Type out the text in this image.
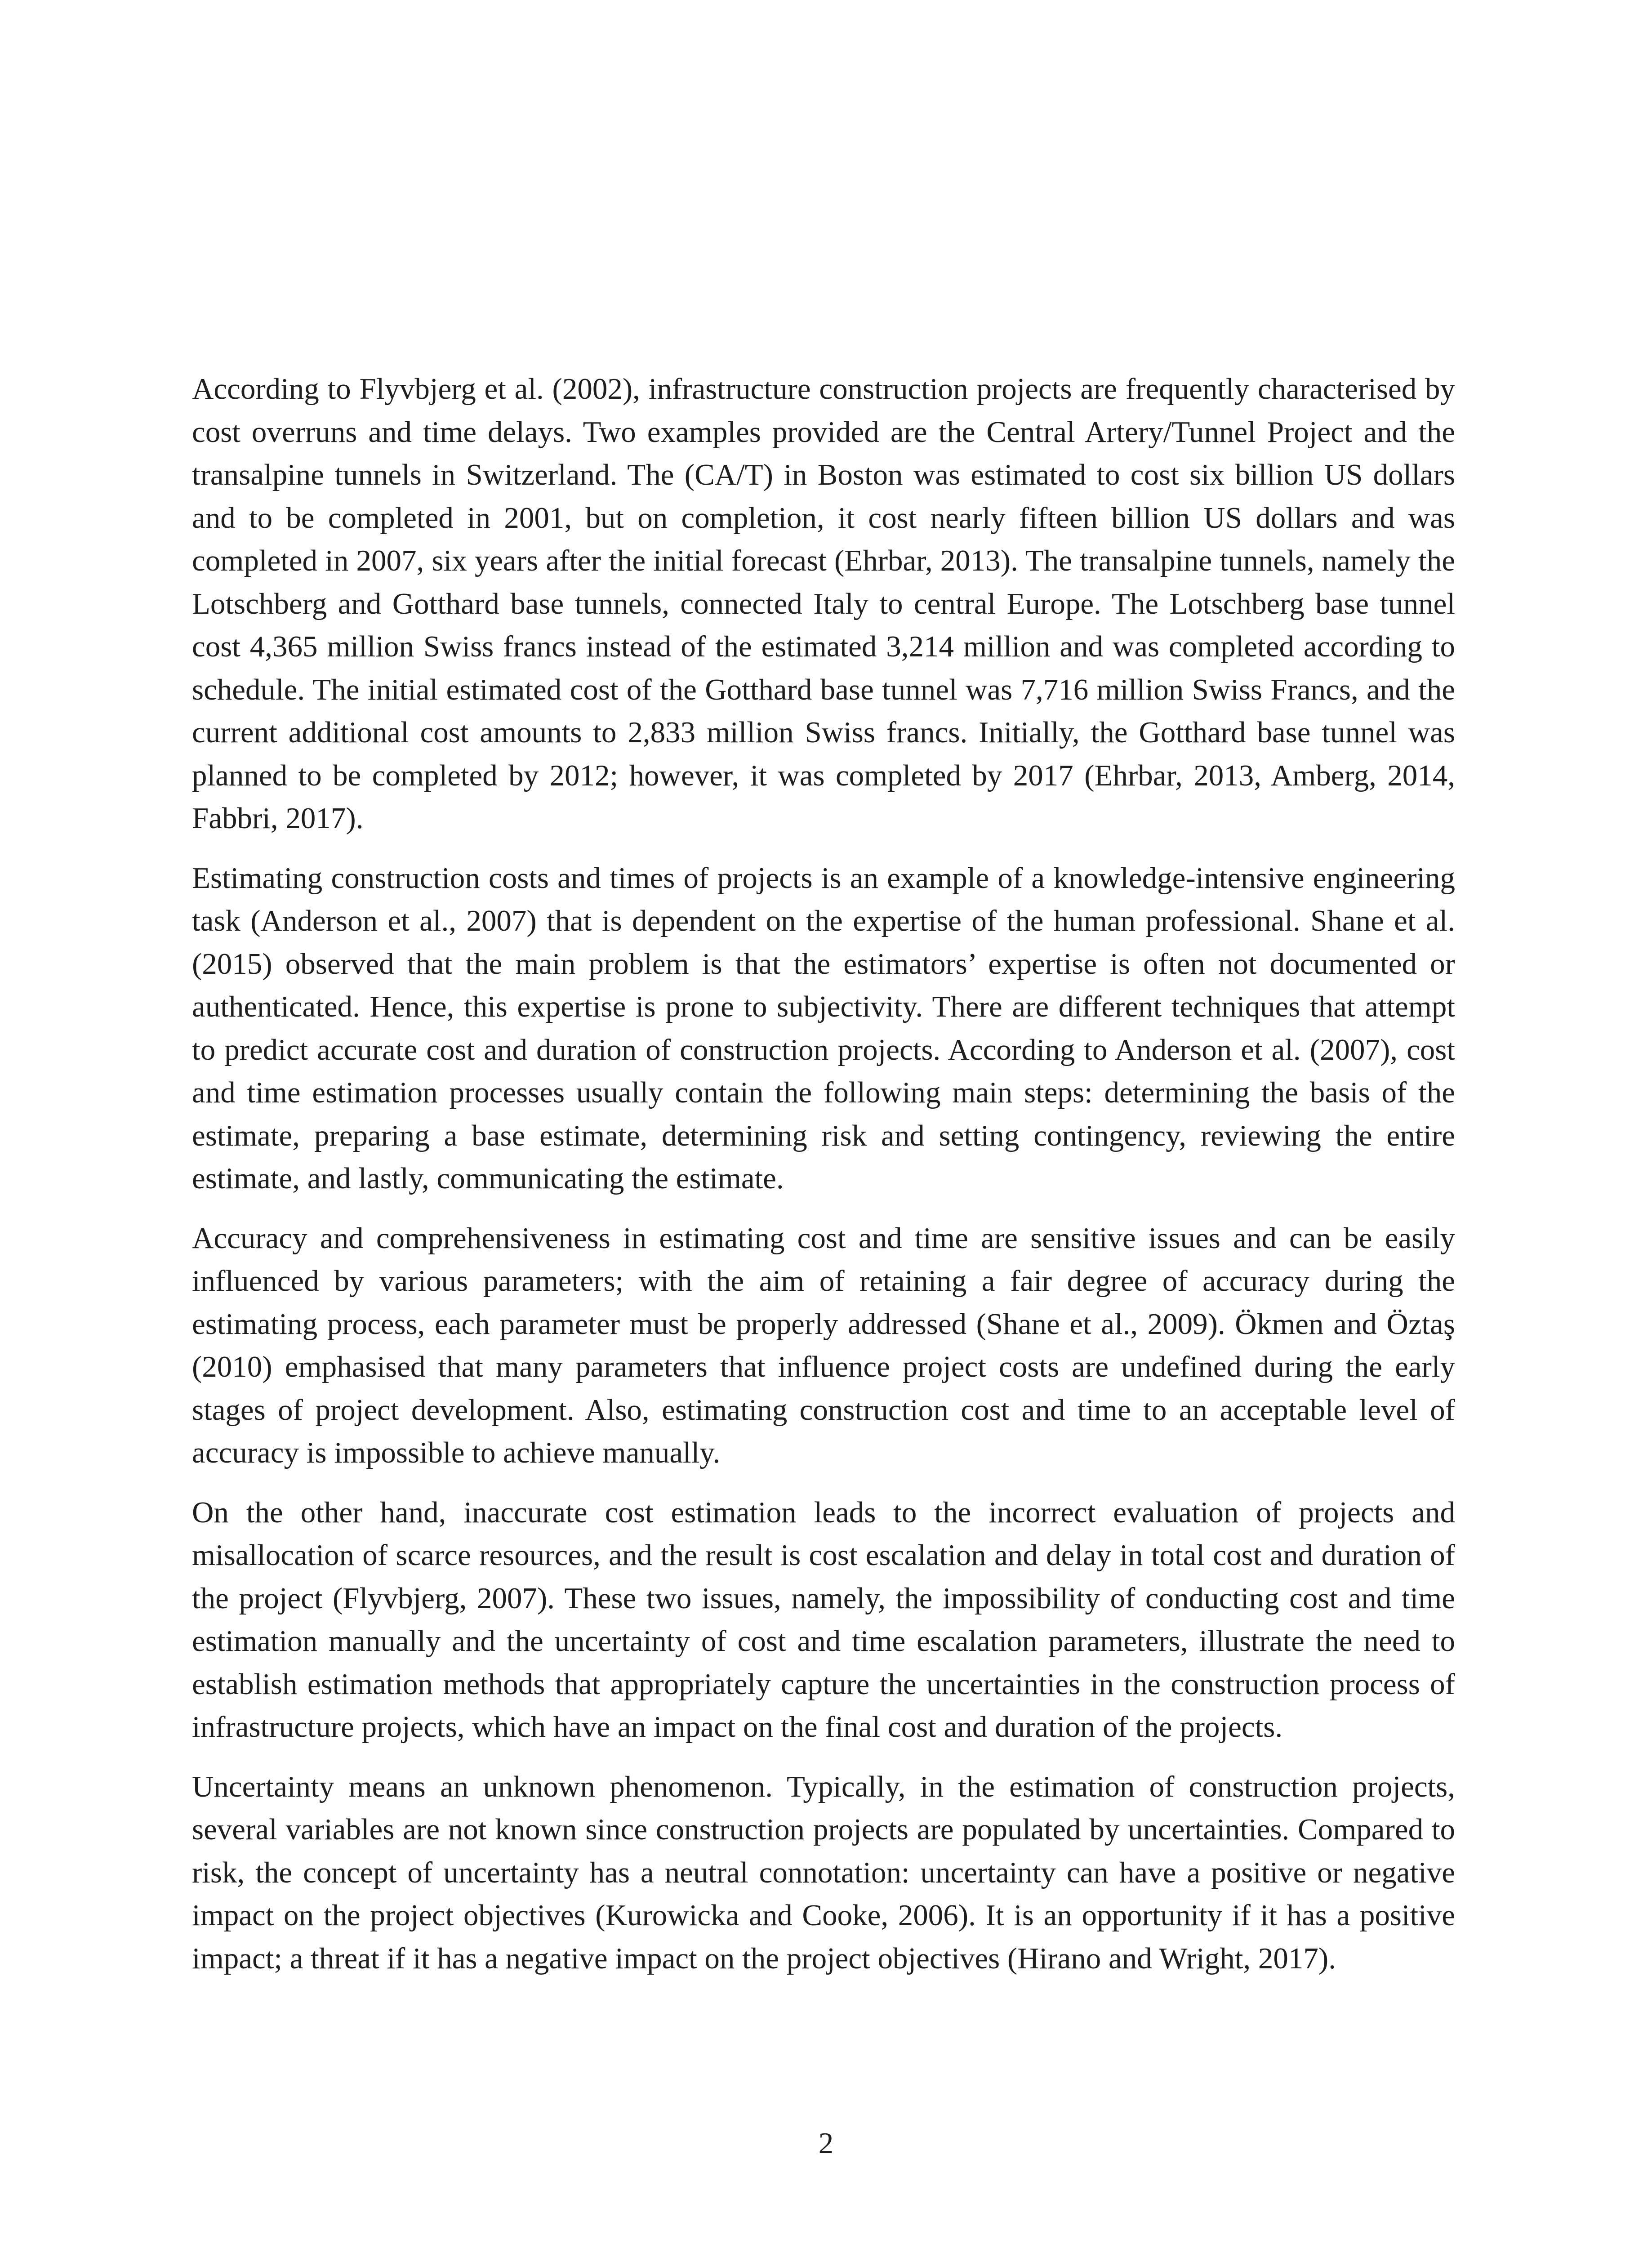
According to Flyvbjerg et al. (2002), infrastructure construction projects are frequently characterised by cost overruns and time delays. Two examples provided are the Central Artery/Tunnel Project and the transalpine tunnels in Switzerland. The (CA/T) in Boston was estimated to cost six billion US dollars and to be completed in 2001, but on completion, it cost nearly fifteen billion US dollars and was completed in 2007, six years after the initial forecast (Ehrbar, 2013). The transalpine tunnels, namely the Lotschberg and Gotthard base tunnels, connected Italy to central Europe. The Lotschberg base tunnel cost 4,365 million Swiss francs instead of the estimated 3,214 million and was completed according to schedule. The initial estimated cost of the Gotthard base tunnel was 7,716 million Swiss Francs, and the current additional cost amounts to 2,833 million Swiss francs. Initially, the Gotthard base tunnel was planned to be completed by 2012; however, it was completed by 2017 (Ehrbar, 2013, Amberg, 2014, Fabbri, 2017).

Estimating construction costs and times of projects is an example of a knowledge-intensive engineering task (Anderson et al., 2007) that is dependent on the expertise of the human professional. Shane et al. (2015) observed that the main problem is that the estimators’ expertise is often not documented or authenticated. Hence, this expertise is prone to subjectivity. There are different techniques that attempt to predict accurate cost and duration of construction projects. According to Anderson et al. (2007), cost and time estimation processes usually contain the following main steps: determining the basis of the estimate, preparing a base estimate, determining risk and setting contingency, reviewing the entire estimate, and lastly, communicating the estimate.

Accuracy and comprehensiveness in estimating cost and time are sensitive issues and can be easily influenced by various parameters; with the aim of retaining a fair degree of accuracy during the estimating process, each parameter must be properly addressed (Shane et al., 2009). Ökmen and Öztaş (2010) emphasised that many parameters that influence project costs are undefined during the early stages of project development. Also, estimating construction cost and time to an acceptable level of accuracy is impossible to achieve manually.

On the other hand, inaccurate cost estimation leads to the incorrect evaluation of projects and misallocation of scarce resources, and the result is cost escalation and delay in total cost and duration of the project (Flyvbjerg, 2007). These two issues, namely, the impossibility of conducting cost and time estimation manually and the uncertainty of cost and time escalation parameters, illustrate the need to establish estimation methods that appropriately capture the uncertainties in the construction process of infrastructure projects, which have an impact on the final cost and duration of the projects.

Uncertainty means an unknown phenomenon. Typically, in the estimation of construction projects, several variables are not known since construction projects are populated by uncertainties. Compared to risk, the concept of uncertainty has a neutral connotation: uncertainty can have a positive or negative impact on the project objectives (Kurowicka and Cooke, 2006). It is an opportunity if it has a positive impact; a threat if it has a negative impact on the project objectives (Hirano and Wright, 2017).

2
